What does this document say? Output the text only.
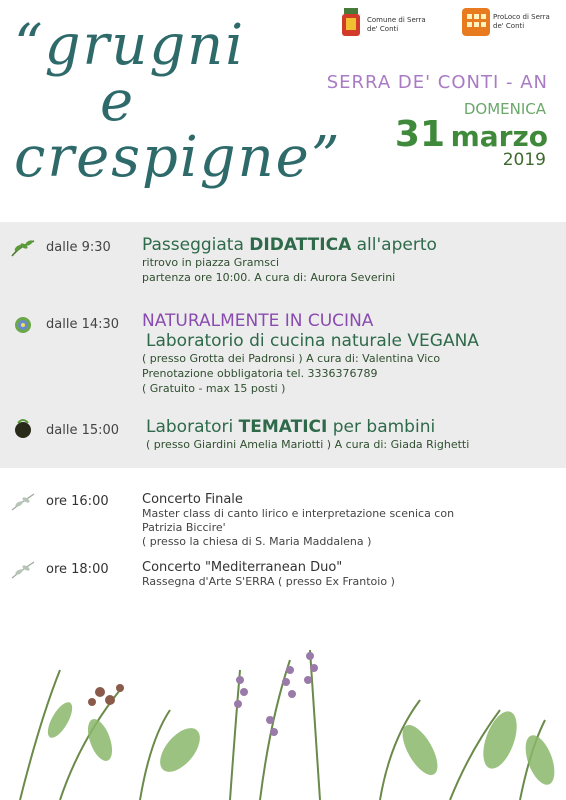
“grugni
e
crespigne”
Comune di Serra de' Conti
ProLoco di Serra de' Conti
SERRA DE' CONTI - AN
DOMENICA
31 marzo
2019
dalle 9:30 Passeggiata DIDATTICA all'aperto
ritrovo in piazza Gramsci
partenza ore 10:00. A cura di: Aurora Severini
dalle 14:30 NATURALMENTE IN CUCINA
Laboratorio di cucina naturale VEGANA
( presso Grotta dei Padronsi ) A cura di: Valentina Vico
Prenotazione obbligatoria tel. 3336376789
( Gratuito - max 15 posti )
dalle 15:00 Laboratori TEMATICI per bambini
( presso Giardini Amelia Mariotti ) A cura di: Giada Righetti
ore 16:00	Concerto Finale
Master class di canto lirico e interpretazione scenica con
Patrizia Biccire'
( presso la chiesa di S. Maria Maddalena )
ore 18:00	Concerto "Mediterranean Duo"
Rassegna d'Arte S'ERRA ( presso Ex Frantoio )
